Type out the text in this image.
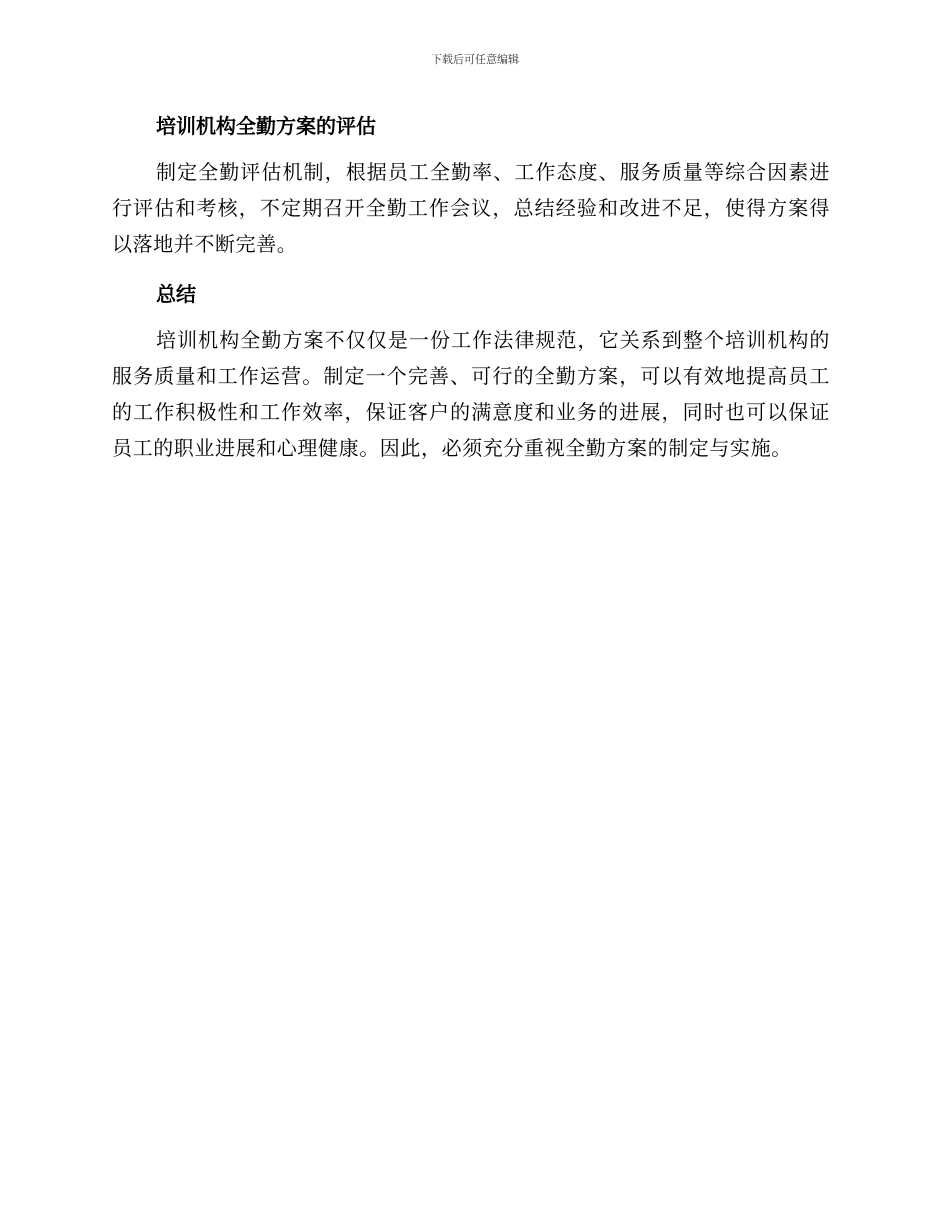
下载后可任意编辑
培训机构全勤方案的评估

制定全勤评估机制，根据员工全勤率、工作态度、服务质量等综合因素进行评估和考核，不定期召开全勤工作会议，总结经验和改进不足，使得方案得以落地并不断完善。

总结

培训机构全勤方案不仅仅是一份工作法律规范，它关系到整个培训机构的服务质量和工作运营。制定一个完善、可行的全勤方案，可以有效地提高员工的工作积极性和工作效率，保证客户的满意度和业务的进展，同时也可以保证员工的职业进展和心理健康。因此，必须充分重视全勤方案的制定与实施。
